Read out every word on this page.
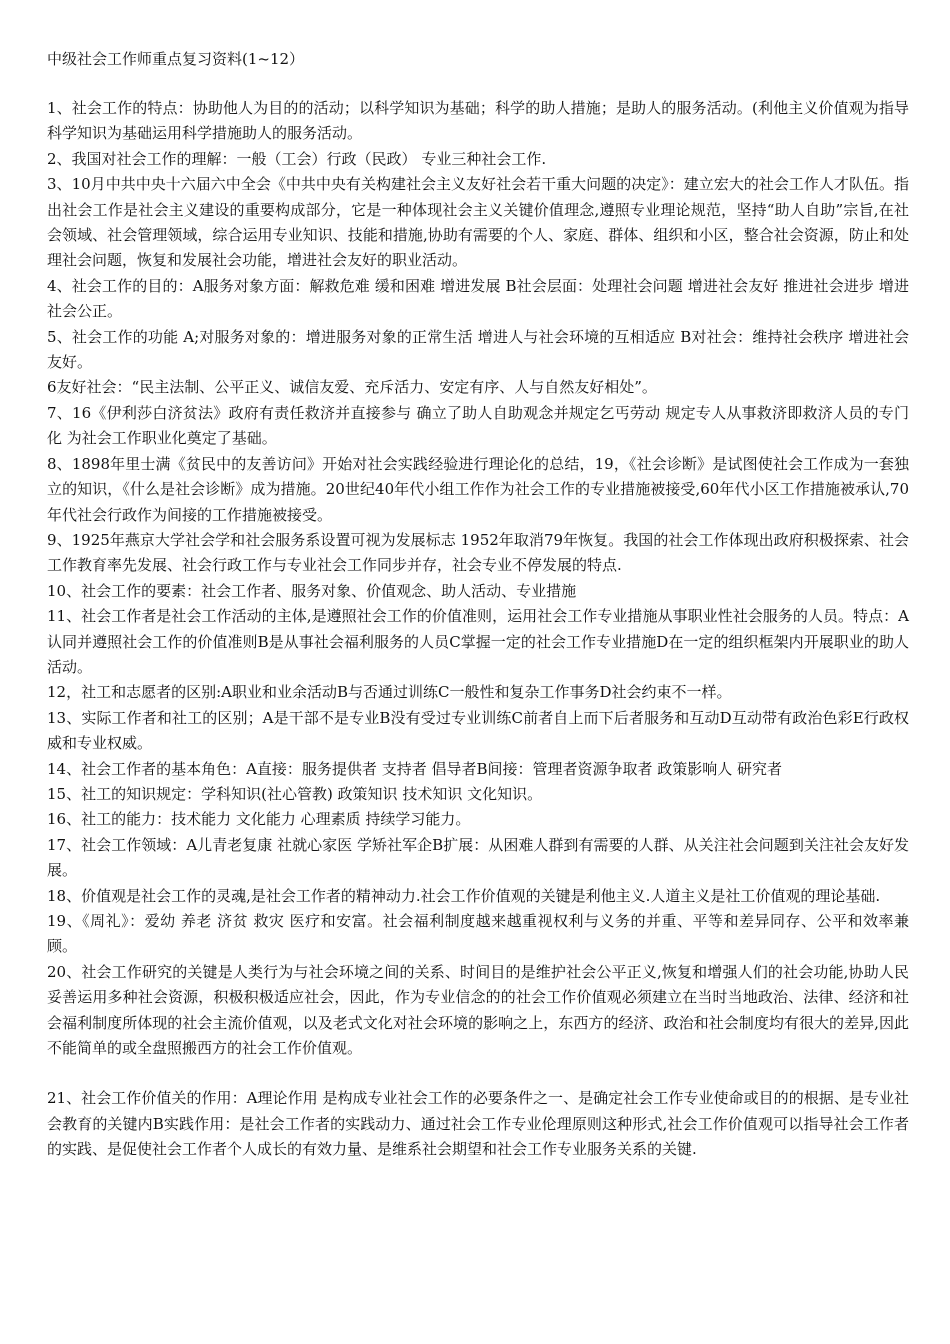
中级社会工作师重点复习资料(1~12）

1、社会工作的特点：协助他人为目的的活动；以科学知识为基础；科学的助人措施；是助人的服务活动。(利他主义价值观为指导科学知识为基础运用科学措施助人的服务活动。

2、我国对社会工作的理解：一般（工会）行政（民政） 专业三种社会工作.

3、10月中共中央十六届六中全会《中共中央有关构建社会主义友好社会若干重大问题的决定》：建立宏大的社会工作人才队伍。指出社会工作是社会主义建设的重要构成部分，它是一种体现社会主义关键价值理念,遵照专业理论规范，坚持“助人自助”宗旨,在社会领域、社会管理领域，综合运用专业知识、技能和措施,协助有需要的个人、家庭、群体、组织和小区，整合社会资源，防止和处理社会问题，恢复和发展社会功能，增进社会友好的职业活动。

4、社会工作的目的：A服务对象方面：解救危难 缓和困难 增进发展 B社会层面：处理社会问题 增进社会友好 推进社会进步 增进社会公正。

5、社会工作的功能 A;对服务对象的：增进服务对象的正常生活 增进人与社会环境的互相适应 B对社会：维持社会秩序 增进社会友好。

6友好社会：“民主法制、公平正义、诚信友爱、充斥活力、安定有序、人与自然友好相处”。

7、16《伊利莎白济贫法》政府有责任救济并直接参与 确立了助人自助观念并规定乞丐劳动 规定专人从事救济即救济人员的专门化 为社会工作职业化奠定了基础。

8、1898年里士满《贫民中的友善访问》开始对社会实践经验进行理论化的总结，19，《社会诊断》是试图使社会工作成为一套独立的知识，《什么是社会诊断》成为措施。20世纪40年代小组工作作为社会工作的专业措施被接受,60年代小区工作措施被承认,70年代社会行政作为间接的工作措施被接受。

9、1925年燕京大学社会学和社会服务系设置可视为发展标志 1952年取消79年恢复。我国的社会工作体现出政府积极探索、社会工作教育率先发展、社会行政工作与专业社会工作同步并存，社会专业不停发展的特点.

10、社会工作的要素：社会工作者、服务对象、价值观念、助人活动、专业措施

11、社会工作者是社会工作活动的主体,是遵照社会工作的价值准则，运用社会工作专业措施从事职业性社会服务的人员。特点：A认同并遵照社会工作的价值准则B是从事社会福利服务的人员C掌握一定的社会工作专业措施D在一定的组织框架内开展职业的助人活动。

12，社工和志愿者的区别:A职业和业余活动B与否通过训练C一般性和复杂工作事务D社会约束不一样。

13、实际工作者和社工的区别；A是干部不是专业B没有受过专业训练C前者自上而下后者服务和互动D互动带有政治色彩E行政权威和专业权威。

14、社会工作者的基本角色：A直接：服务提供者 支持者 倡导者B间接：管理者资源争取者 政策影响人 研究者

15、社工的知识规定：学科知识(社心管教) 政策知识 技术知识 文化知识。

16、社工的能力：技术能力 文化能力 心理素质 持续学习能力。

17、社会工作领域：A儿青老复康 社就心家医 学矫社军企B扩展：从困难人群到有需要的人群、从关注社会问题到关注社会友好发展。

18、价值观是社会工作的灵魂,是社会工作者的精神动力.社会工作价值观的关键是利他主义.人道主义是社工价值观的理论基础.

19、《周礼》：爱幼 养老 济贫 救灾 医疗和安富。社会福利制度越来越重视权利与义务的并重、平等和差异同存、公平和效率兼顾。

20、社会工作研究的关键是人类行为与社会环境之间的关系、时间目的是维护社会公平正义,恢复和增强人们的社会功能,协助人民妥善运用多种社会资源，积极积极适应社会，因此，作为专业信念的的社会工作价值观必须建立在当时当地政治、法律、经济和社会福利制度所体现的社会主流价值观，以及老式文化对社会环境的影响之上，东西方的经济、政治和社会制度均有很大的差异,因此不能简单的或全盘照搬西方的社会工作价值观。

21、社会工作价值关的作用：A理论作用 是构成专业社会工作的必要条件之一、是确定社会工作专业使命或目的的根据、是专业社会教育的关键内B实践作用：是社会工作者的实践动力、通过社会工作专业伦理原则这种形式,社会工作价值观可以指导社会工作者的实践、是促使社会工作者个人成长的有效力量、是维系社会期望和社会工作专业服务关系的关键.
